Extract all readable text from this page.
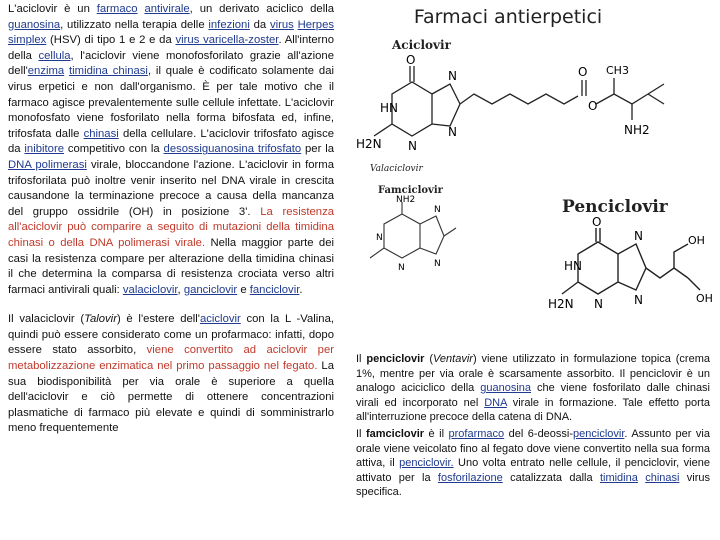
L'aciclovir è un farmaco antivirale, un derivato aciclico della guanosina, utilizzato nella terapia delle infezioni da virus Herpes simplex (HSV) di tipo 1 e 2 e da virus varicella-zoster. All'interno della cellula, l'aciclovir viene monofosforilato grazie all'azione dell'enzima timidina chinasi, il quale è codificato solamente dai virus erpetici e non dall'organismo. È per tale motivo che il farmaco agisce prevalentemente sulle cellule infettate. L'aciclovir monofosfato viene fosforilato nella forma bifosfata ed, infine, trifosfata dalle chinasi della cellulare. L'aciclovir trifosfato agisce da inibitore competitivo con la desossiguanosina trifosfato per la DNA polimerasi virale, bloccandone l'azione. L'aciclovir in forma trifosforilata può inoltre venir inserito nel DNA virale in crescita causandone la terminazione precoce a causa della mancanza del gruppo ossidrile (OH) in posizione 3'. La resistenza all'aciclovir può comparire a seguito di mutazioni della timidina chinasi o della DNA polimerasi virale. Nella maggior parte dei casi la resistenza compare per alterazione della timidina chinasi il che determina la comparsa di resistenza crociata verso altri farmaci antivirali quali: valaciclovir, ganciclovir e fanciclovir.

Il valaciclovir (Talovir) è l'estere dell'aciclovir con la L -Valina, quindi può essere considerato come un profarmaco: infatti, dopo essere stato assorbito, viene convertito ad aciclovir per metabolizzazione enzimatica nel primo passaggio nel fegato. La sua biodisponibilità per via orale è superiore a quella dell'aciclovir e ciò permette di ottenere concentrazioni plasmatiche di farmaco più elevate e quindi di somministrarlo meno frequentemente

Farmaci antierpetici
Aciclovir
Valaciclovir
Famciclovir
Penciclovir
O
HN
H2N N
N
N
O
O
NH2
CH3
NH2
N
N
N
N
O
HN
H2N N
N
N
OH
OH

Il penciclovir (Ventavir) viene utilizzato in formulazione topica (crema 1%, mentre per via orale è scarsamente assorbito. Il penciclovir è un analogo aciciclico della guanosina che viene fosforilato dalle chinasi virali ed incorporato nel DNA virale in formazione. Tale effetto porta all'interruzione precoce della catena di DNA.

Il famciclovir è il profarmaco del 6-deossi-penciclovir. Assunto per via orale viene veicolato fino al fegato dove viene convertito nella sua forma attiva, il penciclovir. Uno volta entrato nelle cellule, il penciclovir, viene attivato per la fosforilazione catalizzata dalla timidina chinasi virus specifica.
